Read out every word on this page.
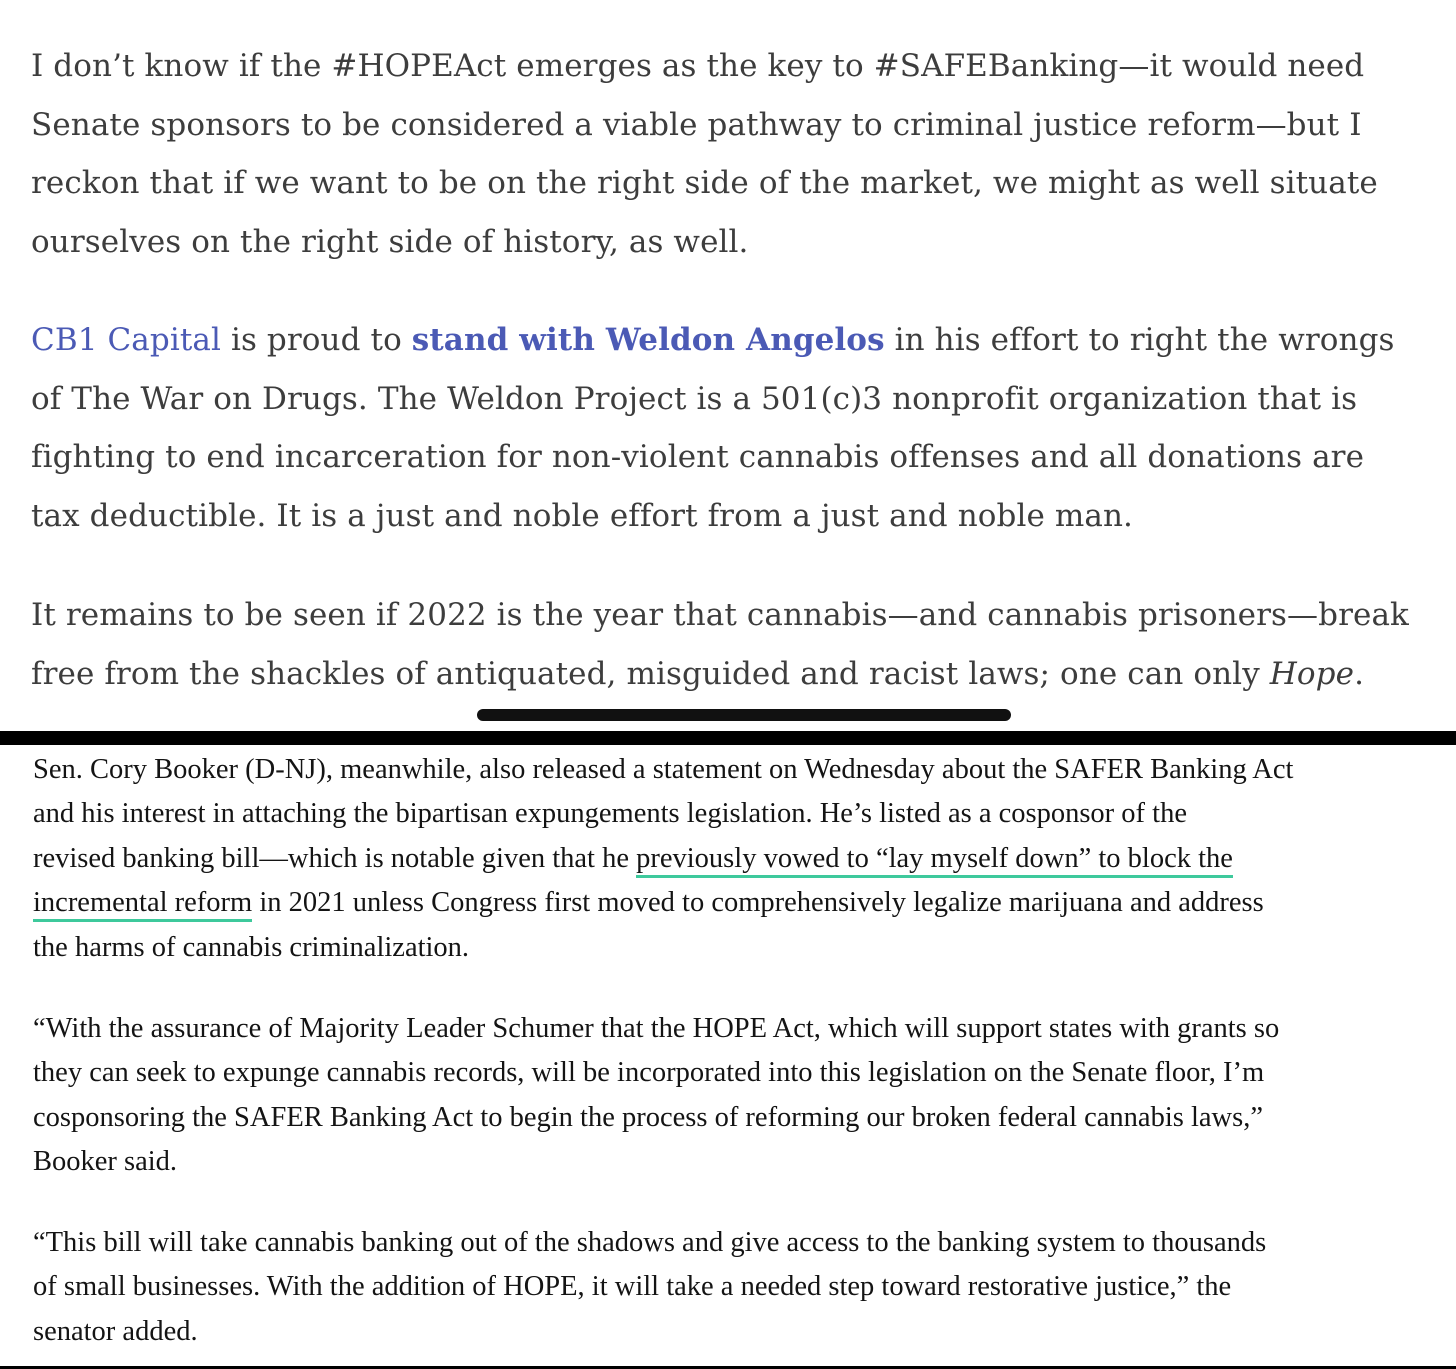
I don’t know if the #HOPEAct emerges as the key to #SAFEBanking—it would need
Senate sponsors to be considered a viable pathway to criminal justice reform—but I
reckon that if we want to be on the right side of the market, we might as well situate
ourselves on the right side of history, as well.

CB1 Capital is proud to stand with Weldon Angelos in his effort to right the wrongs
of The War on Drugs. The Weldon Project is a 501(c)3 nonprofit organization that is
fighting to end incarceration for non-violent cannabis offenses and all donations are
tax deductible. It is a just and noble effort from a just and noble man.

It remains to be seen if 2022 is the year that cannabis—and cannabis prisoners—break
free from the shackles of antiquated, misguided and racist laws; one can only Hope.

Sen. Cory Booker (D-NJ), meanwhile, also released a statement on Wednesday about the SAFER Banking Act
and his interest in attaching the bipartisan expungements legislation. He’s listed as a cosponsor of the
revised banking bill—which is notable given that he previously vowed to “lay myself down” to block the
incremental reform in 2021 unless Congress first moved to comprehensively legalize marijuana and address
the harms of cannabis criminalization.

“With the assurance of Majority Leader Schumer that the HOPE Act, which will support states with grants so
they can seek to expunge cannabis records, will be incorporated into this legislation on the Senate floor, I’m
cosponsoring the SAFER Banking Act to begin the process of reforming our broken federal cannabis laws,”
Booker said.

“This bill will take cannabis banking out of the shadows and give access to the banking system to thousands
of small businesses. With the addition of HOPE, it will take a needed step toward restorative justice,” the
senator added.
